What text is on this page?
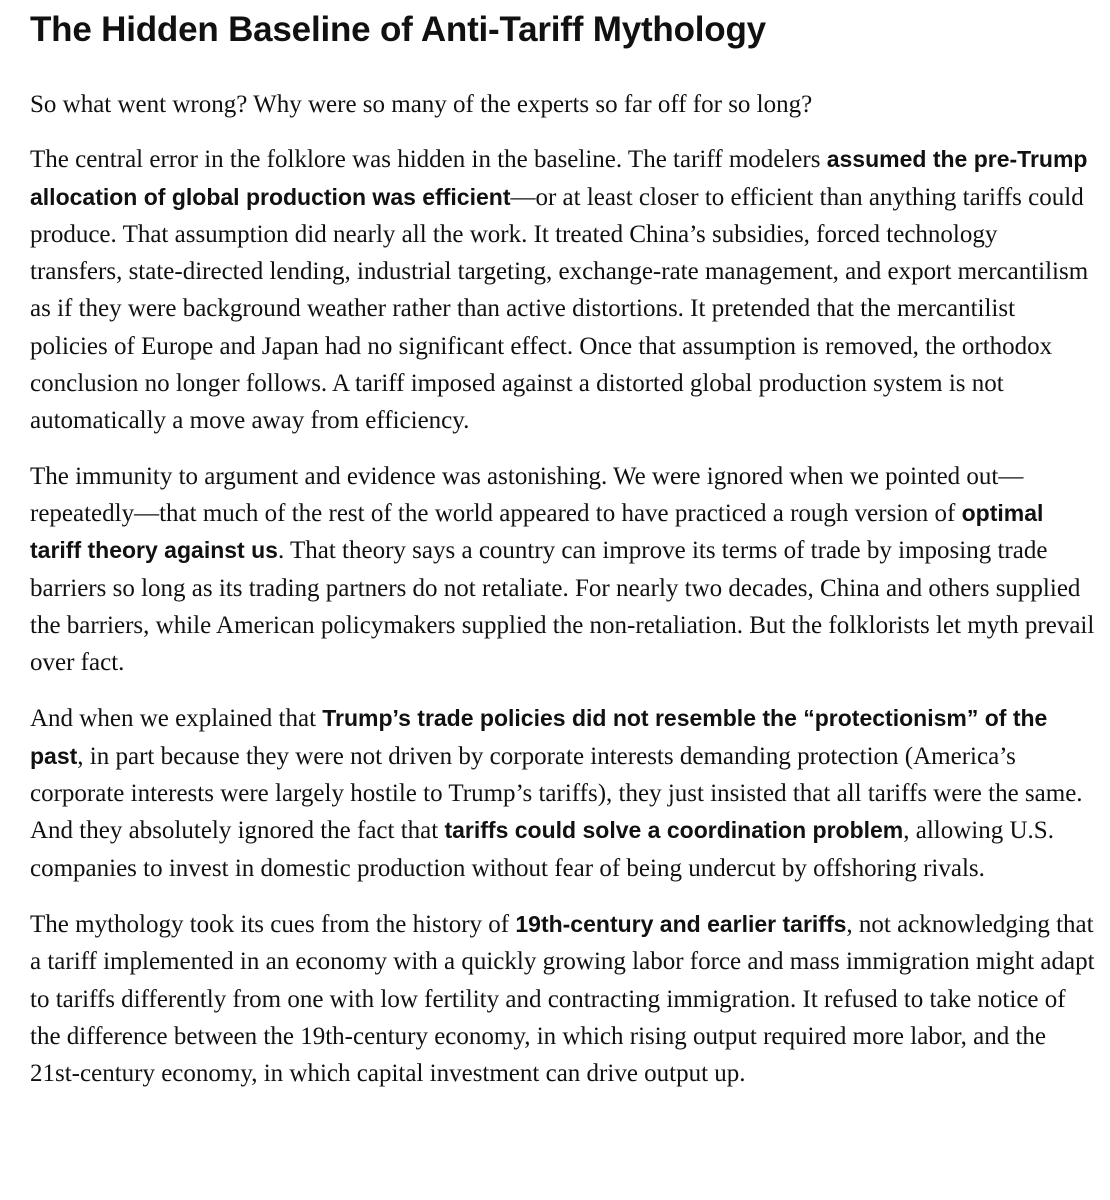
The Hidden Baseline of Anti-Tariff Mythology

So what went wrong? Why were so many of the experts so far off for so long?

The central error in the folklore was hidden in the baseline. The tariff modelers assumed the pre-Trump allocation of global production was efficient—or at least closer to efficient than anything tariffs could produce. That assumption did nearly all the work. It treated China’s subsidies, forced technology transfers, state-directed lending, industrial targeting, exchange-rate management, and export mercantilism as if they were background weather rather than active distortions. It pretended that the mercantilist policies of Europe and Japan had no significant effect. Once that assumption is removed, the orthodox conclusion no longer follows. A tariff imposed against a distorted global production system is not automatically a move away from efficiency.

The immunity to argument and evidence was astonishing. We were ignored when we pointed out—repeatedly—that much of the rest of the world appeared to have practiced a rough version of optimal tariff theory against us. That theory says a country can improve its terms of trade by imposing trade barriers so long as its trading partners do not retaliate. For nearly two decades, China and others supplied the barriers, while American policymakers supplied the non-retaliation. But the folklorists let myth prevail over fact.

And when we explained that Trump’s trade policies did not resemble the “protectionism” of the past, in part because they were not driven by corporate interests demanding protection (America’s corporate interests were largely hostile to Trump’s tariffs), they just insisted that all tariffs were the same. And they absolutely ignored the fact that tariffs could solve a coordination problem, allowing U.S. companies to invest in domestic production without fear of being undercut by offshoring rivals.

The mythology took its cues from the history of 19th-century and earlier tariffs, not acknowledging that a tariff implemented in an economy with a quickly growing labor force and mass immigration might adapt to tariffs differently from one with low fertility and contracting immigration. It refused to take notice of the difference between the 19th-century economy, in which rising output required more labor, and the 21st-century economy, in which capital investment can drive output up.
